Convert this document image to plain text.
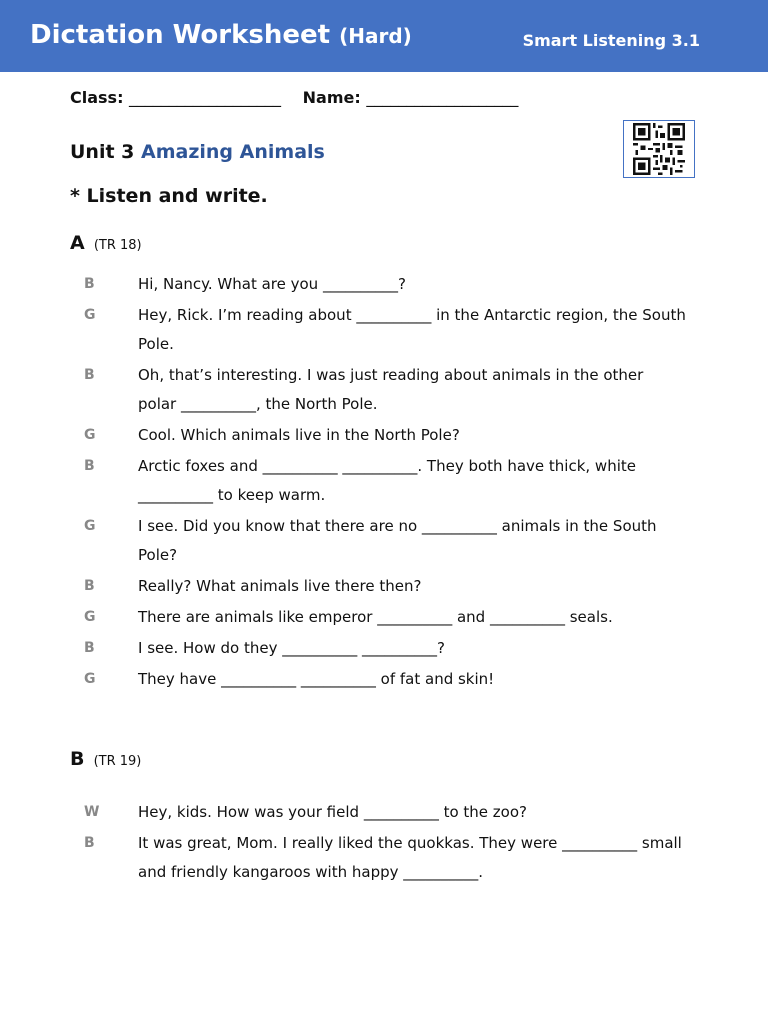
Dictation Worksheet (Hard)	Smart Listening 3.1
Class: ___________________ Name: ___________________
Unit 3 Amazing Animals
* Listen and write.
A (TR 18)
B	Hi, Nancy. What are you __________?
G	Hey, Rick. I’m reading about __________ in the Antarctic region, the South Pole.
B	Oh, that’s interesting. I was just reading about animals in the other polar __________, the North Pole.
G	Cool. Which animals live in the North Pole?
B	Arctic foxes and __________ __________. They both have thick, white __________ to keep warm.
G	I see. Did you know that there are no __________ animals in the South Pole?
B	Really? What animals live there then?
G	There are animals like emperor __________ and __________ seals.
B	I see. How do they __________ __________?
G	They have __________ __________ of fat and skin!
B (TR 19)
W	Hey, kids. How was your field __________ to the zoo?
B	It was great, Mom. I really liked the quokkas. They were __________ small and friendly kangaroos with happy __________.
